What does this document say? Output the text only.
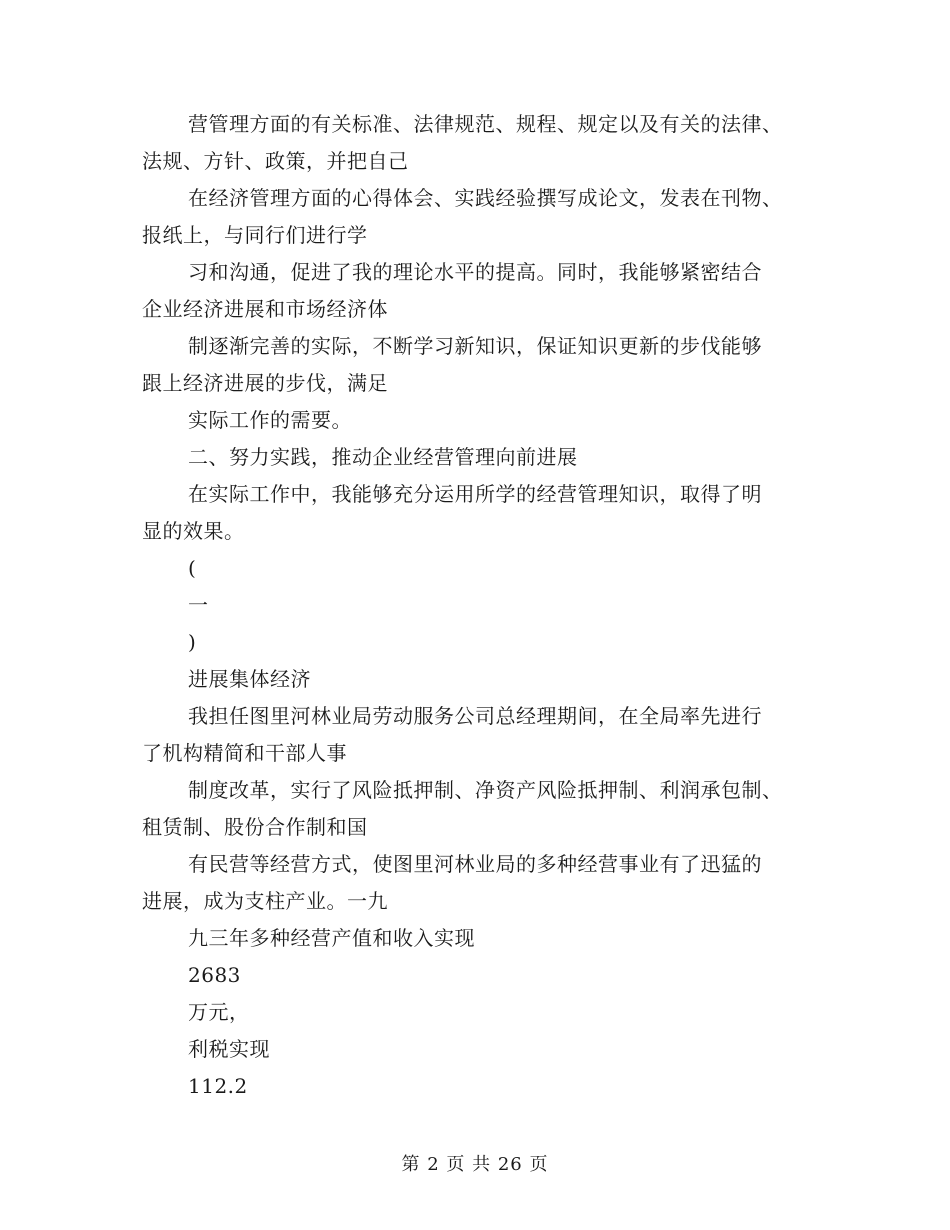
营管理方面的有关标准、法律规范、规程、规定以及有关的法律、
法规、方针、政策，并把自己

在经济管理方面的心得体会、实践经验撰写成论文，发表在刊物、
报纸上，与同行们进行学

习和沟通，促进了我的理论水平的提高。同时，我能够紧密结合
企业经济进展和市场经济体

制逐渐完善的实际，不断学习新知识，保证知识更新的步伐能够
跟上经济进展的步伐，满足

实际工作的需要。

二、努力实践，推动企业经营管理向前进展

在实际工作中，我能够充分运用所学的经营管理知识，取得了明
显的效果。

(

一

)

进展集体经济

我担任图里河林业局劳动服务公司总经理期间，在全局率先进行
了机构精简和干部人事

制度改革，实行了风险抵押制、净资产风险抵押制、利润承包制、
租赁制、股份合作制和国

有民营等经营方式，使图里河林业局的多种经营事业有了迅猛的
进展，成为支柱产业。一九

九三年多种经营产值和收入实现

2683

万元，

利税实现

112.2

第 2 页 共 26 页
